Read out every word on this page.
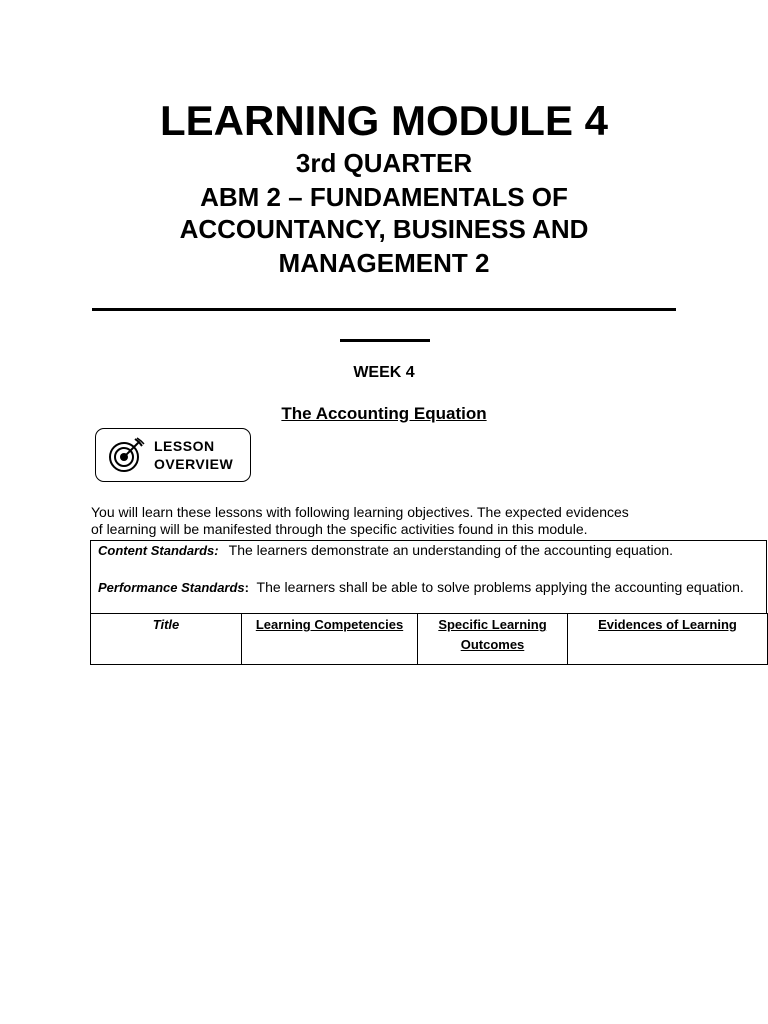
LEARNING MODULE 4
3rd QUARTER
ABM 2 – FUNDAMENTALS OF
ACCOUNTANCY, BUSINESS AND
MANAGEMENT 2
WEEK 4
The Accounting Equation
LESSON
OVERVIEW

You will learn these lessons with following learning objectives. The expected evidences

of learning will be manifested through the specific activities found in this module.

Content Standards: The learners demonstrate an understanding of the accounting equation.
Performance Standards: The learners shall be able to solve problems applying the accounting equation.
Title	Learning Competencies	Specific Learning Outcomes	Evidences of Learning
